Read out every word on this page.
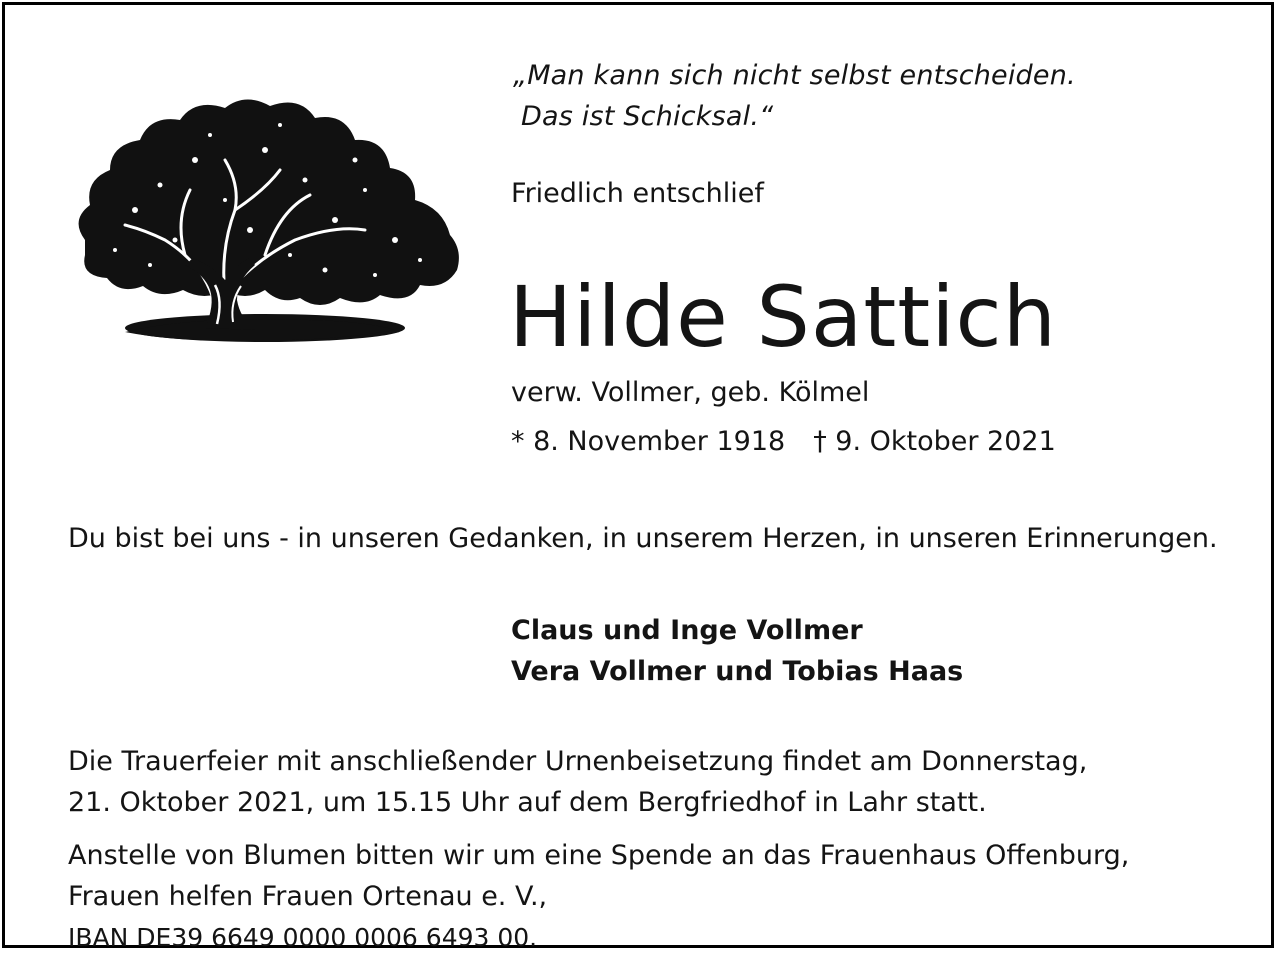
„Man kann sich nicht selbst entscheiden.
Das ist Schicksal.“

Friedlich entschlief

Hilde Sattich

verw. Vollmer, geb. Kölmel

* 8. November 1918 † 9. Oktober 2021

Du bist bei uns - in unseren Gedanken, in unserem Herzen, in unseren Erinnerungen.

Claus und Inge Vollmer
Vera Vollmer und Tobias Haas

Die Trauerfeier mit anschließender Urnenbeisetzung findet am Donnerstag,
21. Oktober 2021, um 15.15 Uhr auf dem Bergfriedhof in Lahr statt.

Anstelle von Blumen bitten wir um eine Spende an das Frauenhaus Offenburg,
Frauen helfen Frauen Ortenau e. V.,
IBAN DE39 6649 0000 0006 6493 00.
